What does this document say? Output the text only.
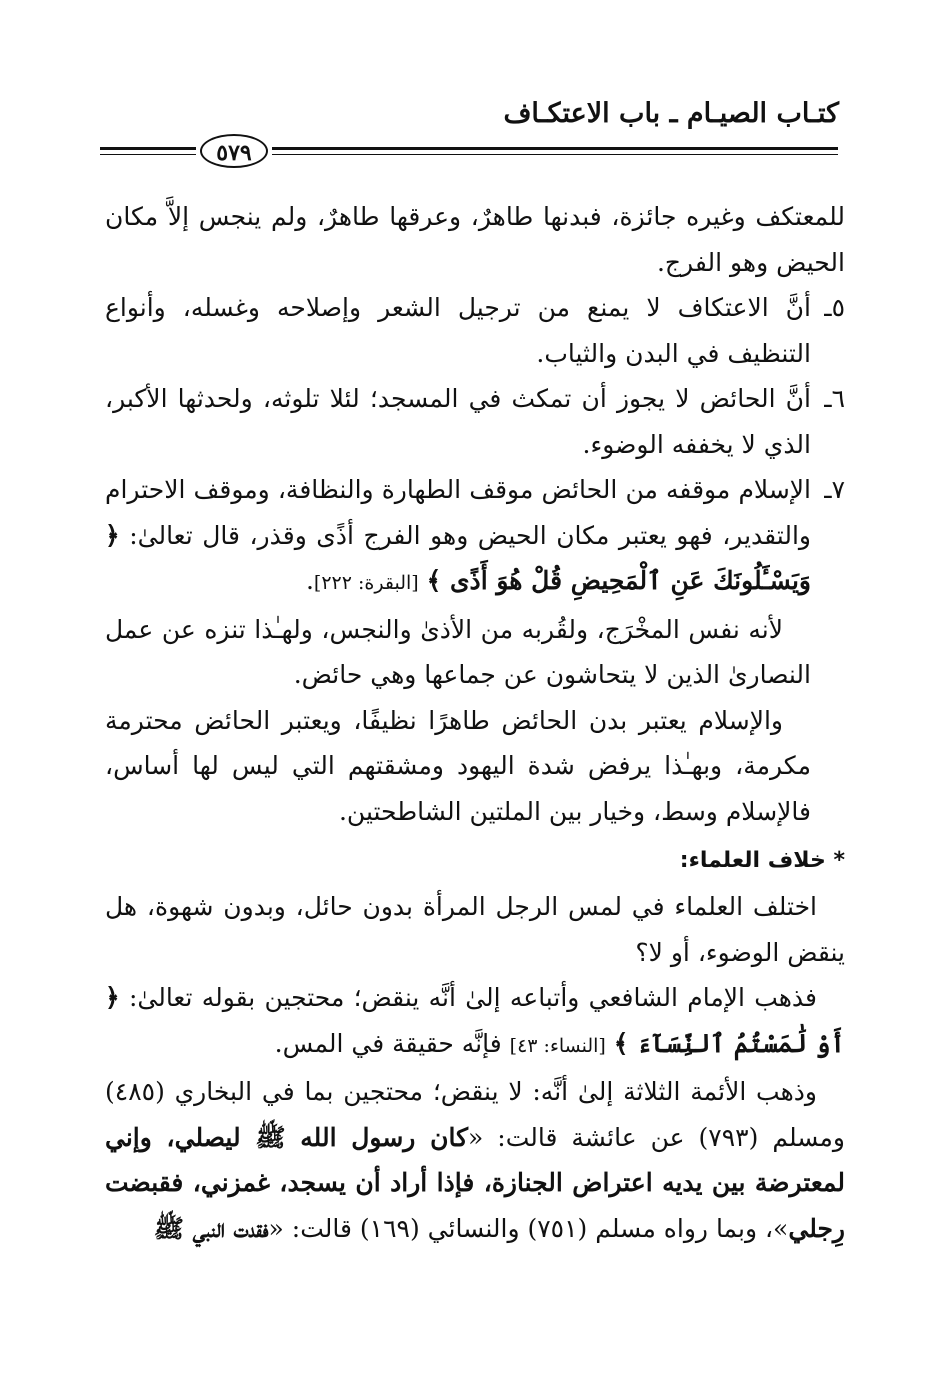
كتـاب الصيـام ـ باب الاعتكـاف
٥٧٩

للمعتكف وغيره جائزة، فبدنها طاهرٌ، وعرقها طاهرٌ، ولم ينجس إلاَّ مكان الحيض وهو الفرج.

٥ـ
أنَّ الاعتكاف لا يمنع من ترجيل الشعر وإصلاحه وغسله، وأنواع التنظيف في البدن والثياب.
٦ـ
أنَّ الحائض لا يجوز أن تمكث في المسجد؛ لئلا تلوثه، ولحدثها الأكبر، الذي لا يخففه الوضوء.
٧ـ
الإسلام موقفه من الحائض موقف الطهارة والنظافة، وموقف الاحترام والتقدير، فهو يعتبر مكان الحيض وهو الفرج أذًى وقذر، قال تعالىٰ: ﴿ وَيَسْـَٔلُونَكَ عَنِ ٱلْمَحِيضِ قُلْ هُوَ أَذًى ﴾ [البقرة: ٢٢٢].

لأنه نفس المخْرَج، ولقُربه من الأذىٰ والنجس، ولهـٰذا تنزه عن عمل النصارىٰ الذين لا يتحاشون عن جماعها وهي حائض.

والإسلام يعتبر بدن الحائض طاهرًا نظيفًا، ويعتبر الحائض محترمة مكرمة، وبهـٰذا يرفض شدة اليهود ومشقتهم التي ليس لها أساس، فالإسلام وسط، وخيار بين الملتين الشاطحتين.

* خلاف العلماء:

اختلف العلماء في لمس الرجل المرأة بدون حائل، وبدون شهوة، هل ينقض الوضوء، أو لا؟

فذهب الإمام الشافعي وأتباعه إلىٰ أنَّه ينقض؛ محتجين بقوله تعالىٰ: ﴿ أَوْ لَٰمَسْتُمُ ٱلنِّسَآءَ ﴾ [النساء: ٤٣] فإنَّه حقيقة في المس.

وذهب الأئمة الثلاثة إلىٰ أنَّه: لا ينقض؛ محتجين بما في البخاري (٤٨٥) ومسلم (٧٩٣) عن عائشة قالت: «كان رسول الله ﷺ ليصلي، وإني لمعترضة بين يديه اعتراض الجنازة، فإذا أراد أن يسجد، غمزني، فقبضت رِجلي»، وبما رواه مسلم (٧٥١) والنسائي (١٦٩) قالت: «فقدت النبي ﷺ
